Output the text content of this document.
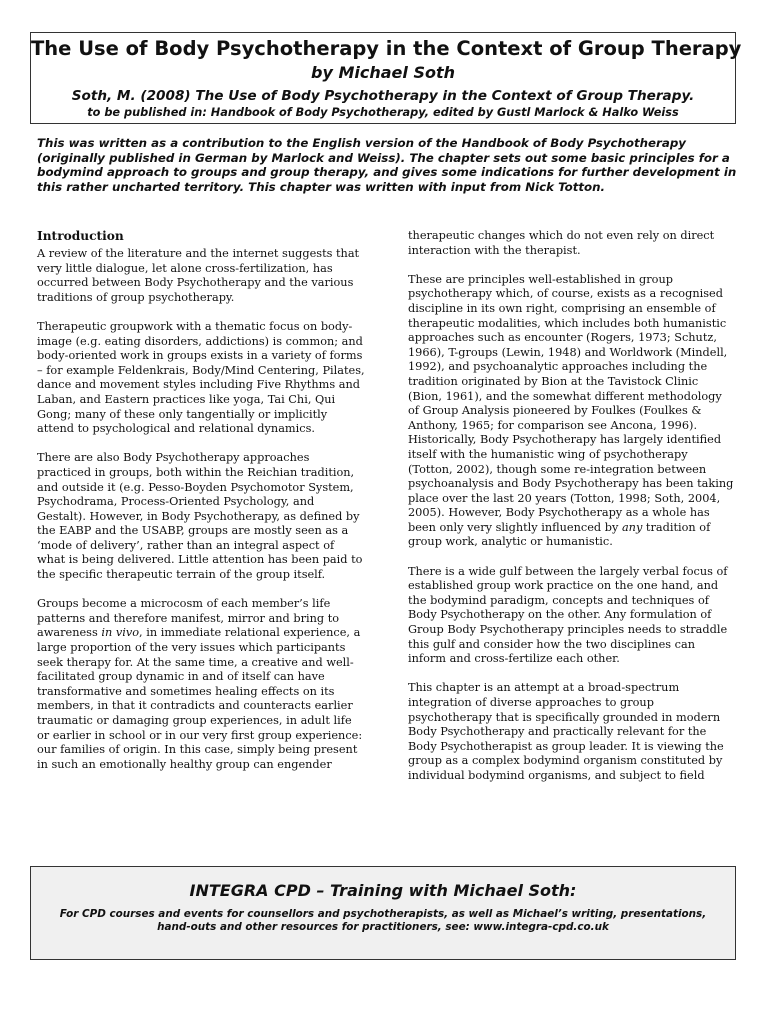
The Use of Body Psychotherapy in the Context of Group Therapy
by Michael Soth
Soth, M. (2008) The Use of Body Psychotherapy in the Context of Group Therapy.
to be published in: Handbook of Body Psychotherapy, edited by Gustl Marlock & Halko Weiss
This was written as a contribution to the English version of the Handbook of Body Psychotherapy (originally published in German by Marlock and Weiss). The chapter sets out some basic principles for a bodymind approach to groups and group therapy, and gives some indications for further development in this rather uncharted territory. This chapter was written with input from Nick Totton.
Introduction

A review of the literature and the internet suggests that very little dialogue, let alone cross-fertilization, has occurred between Body Psychotherapy and the various traditions of group psychotherapy.

Therapeutic groupwork with a thematic focus on body-image (e.g. eating disorders, addictions) is common; and body-oriented work in groups exists in a variety of forms – for example Feldenkrais, Body/Mind Centering, Pilates, dance and movement styles including Five Rhythms and Laban, and Eastern practices like yoga, Tai Chi, Qui Gong; many of these only tangentially or implicitly attend to psychological and relational dynamics.

There are also Body Psychotherapy approaches practiced in groups, both within the Reichian tradition, and outside it (e.g. Pesso-Boyden Psychomotor System, Psychodrama, Process-Oriented Psychology, and Gestalt). However, in Body Psychotherapy, as defined by the EABP and the USABP, groups are mostly seen as a ‘mode of delivery’, rather than an integral aspect of what is being delivered. Little attention has been paid to the specific therapeutic terrain of the group itself.

Groups become a microcosm of each member’s life patterns and therefore manifest, mirror and bring to awareness in vivo, in immediate relational experience, a large proportion of the very issues which participants seek therapy for. At the same time, a creative and well-facilitated group dynamic in and of itself can have transformative and sometimes healing effects on its members, in that it contradicts and counteracts earlier traumatic or damaging group experiences, in adult life or earlier in school or in our very first group experience: our families of origin. In this case, simply being present in such an emotionally healthy group can engender

therapeutic changes which do not even rely on direct interaction with the therapist.

These are principles well-established in group psychotherapy which, of course, exists as a recognised discipline in its own right, comprising an ensemble of therapeutic modalities, which includes both humanistic approaches such as encounter (Rogers, 1973; Schutz, 1966), T-groups (Lewin, 1948) and Worldwork (Mindell, 1992), and psychoanalytic approaches including the tradition originated by Bion at the Tavistock Clinic (Bion, 1961), and the somewhat different methodology of Group Analysis pioneered by Foulkes (Foulkes & Anthony, 1965; for comparison see Ancona, 1996). Historically, Body Psychotherapy has largely identified itself with the humanistic wing of psychotherapy (Totton, 2002), though some re-integration between psychoanalysis and Body Psychotherapy has been taking place over the last 20 years (Totton, 1998; Soth, 2004, 2005). However, Body Psychotherapy as a whole has been only very slightly influenced by any tradition of group work, analytic or humanistic.

There is a wide gulf between the largely verbal focus of established group work practice on the one hand, and the bodymind paradigm, concepts and techniques of Body Psychotherapy on the other. Any formulation of Group Body Psychotherapy principles needs to straddle this gulf and consider how the two disciplines can inform and cross-fertilize each other.

This chapter is an attempt at a broad-spectrum integration of diverse approaches to group psychotherapy that is specifically grounded in modern Body Psychotherapy and practically relevant for the Body Psychotherapist as group leader. It is viewing the group as a complex bodymind organism constituted by individual bodymind organisms, and subject to field

INTEGRA CPD – Training with Michael Soth:
For CPD courses and events for counsellors and psychotherapists, as well as Michael’s writing, presentations, hand-outs and other resources for practitioners, see: www.integra-cpd.co.uk
